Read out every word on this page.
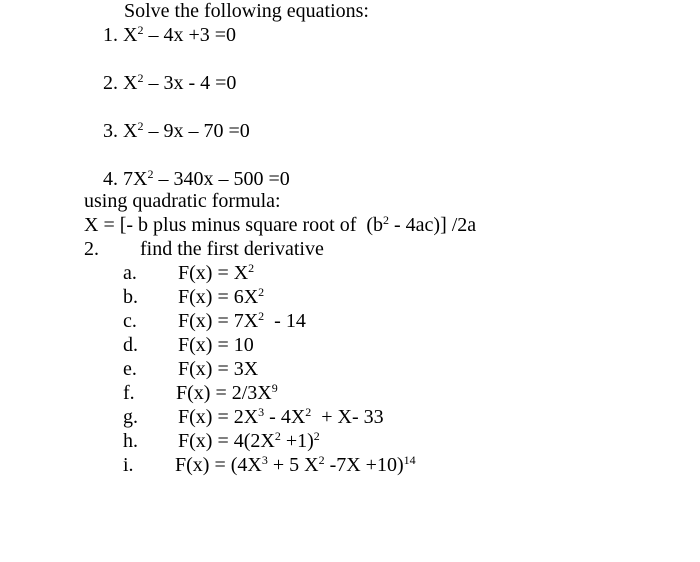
Solve the following equations:
1. $X^2 - 4x +3 =0$
2. $X^2 - 3x - 4 =0$
3. $X^2 - 9x - 70 =0$
4. $7X^2 - 340x - 500 =0$
using quadratic formula:
X = [- b plus minus square root of  $(b^2 - 4ac)$] /2a
2. find the first derivative
a. $F(x) = X^2$
b. $F(x) = 6X^2$
c. $F(x) = 7X^2 - 14$
d. F(x) = 10
e. F(x) = 3X
f. $F(x) = 2/3X^9$
g. $F(x) = 2X^3 - 4X^2 + X-$ 33
h. $F(x) = 4(2X^2 +1)^2$
i. $F(x) = (4X^3 + 5$ $X^2$ -7X +10)$^{14}$
